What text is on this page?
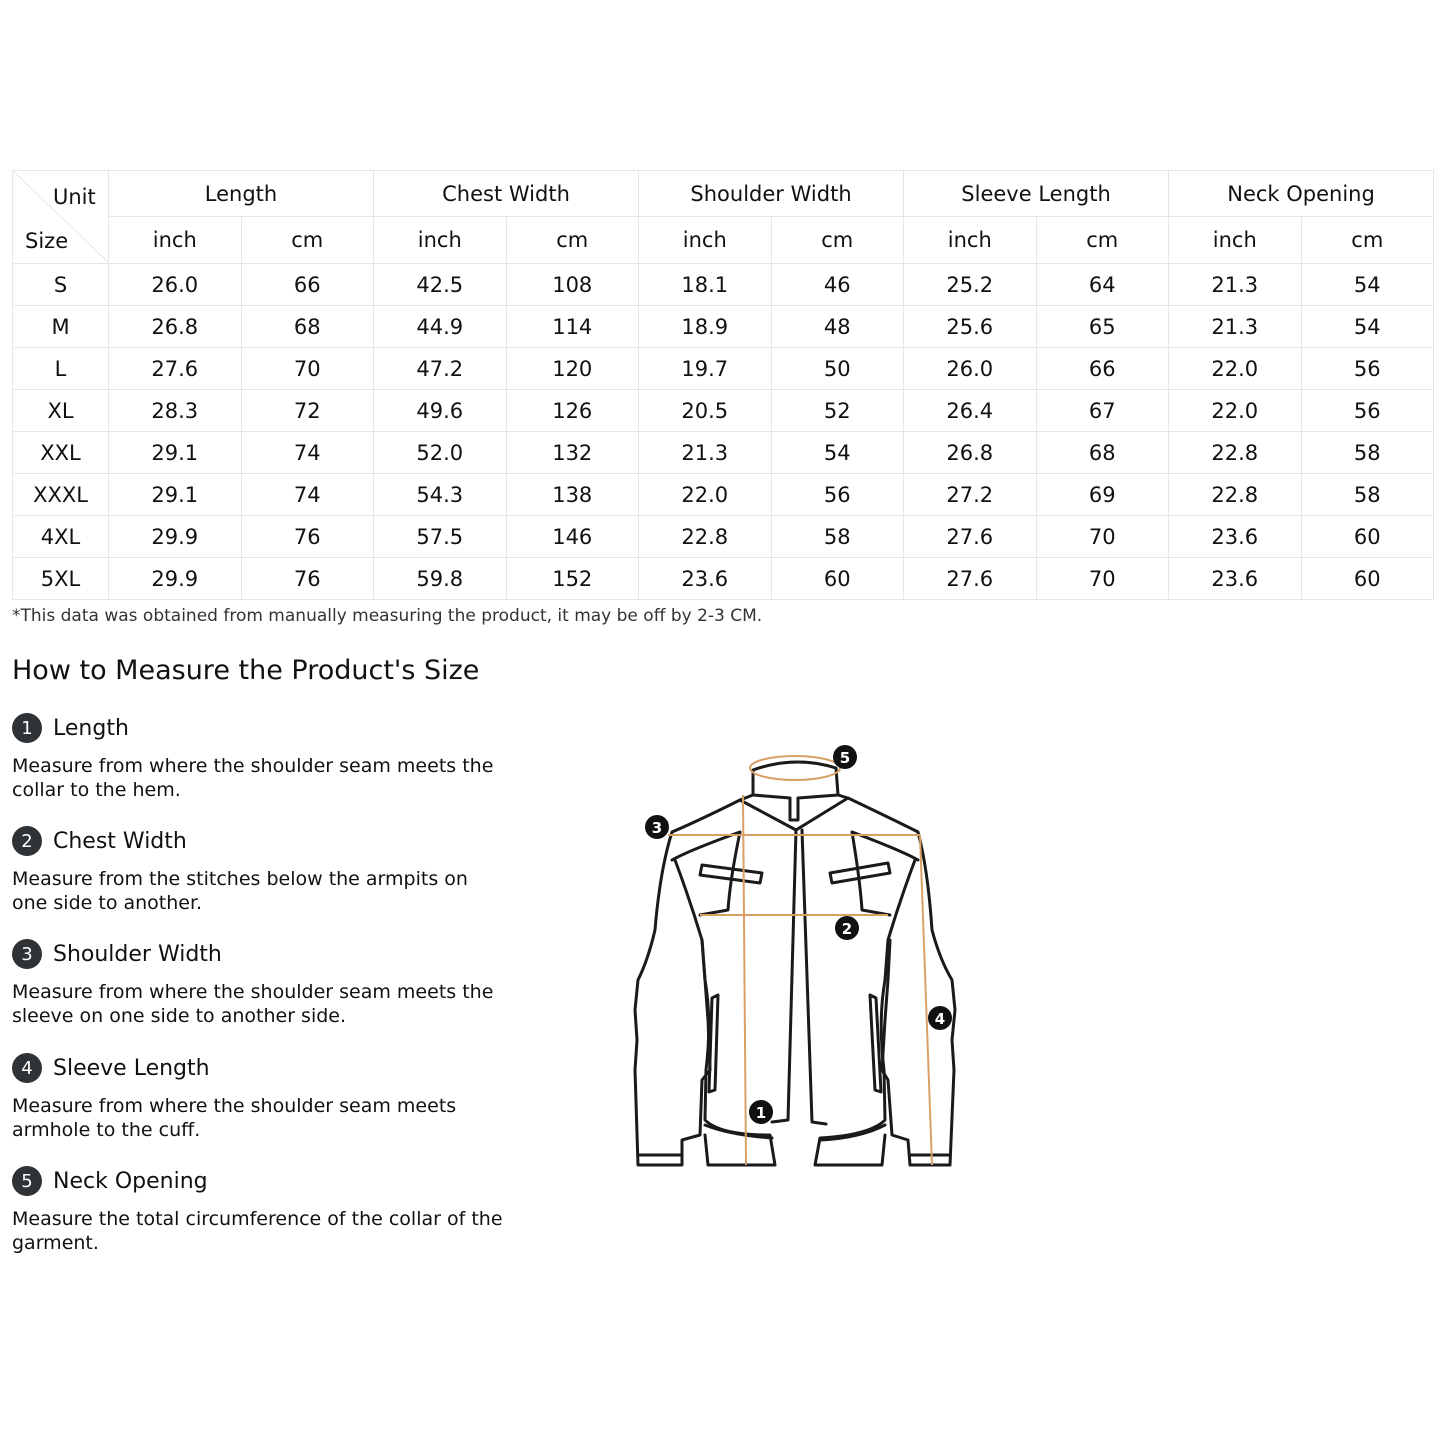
Unit
Size	Length		Chest Width		Shoulder Width		Sleeve Length		Neck Opening	
	inch	cm	inch	cm	inch	cm	inch	cm	inch	cm
S	26.0	66	42.5	108	18.1	46	25.2	64	21.3	54
M	26.8	68	44.9	114	18.9	48	25.6	65	21.3	54
L	27.6	70	47.2	120	19.7	50	26.0	66	22.0	56
XL	28.3	72	49.6	126	20.5	52	26.4	67	22.0	56
XXL	29.1	74	52.0	132	21.3	54	26.8	68	22.8	58
XXXL	29.1	74	54.3	138	22.0	56	27.2	69	22.8	58
4XL	29.9	76	57.5	146	22.8	58	27.6	70	23.6	60
5XL	29.9	76	59.8	152	23.6	60	27.6	70	23.6	60
*This data was obtained from manually measuring the product, it may be off by 2-3 CM.
How to Measure the Product's Size
1 Length
Measure from where the shoulder seam meets the collar to the hem.
2 Chest Width
Measure from the stitches below the armpits on one side to another.
3 Shoulder Width
Measure from where the shoulder seam meets the sleeve on one side to another side.
4 Sleeve Length
Measure from where the shoulder seam meets armhole to the cuff.
5 Neck Opening
Measure the total circumference of the collar of the garment.
1
2
3
4
5
